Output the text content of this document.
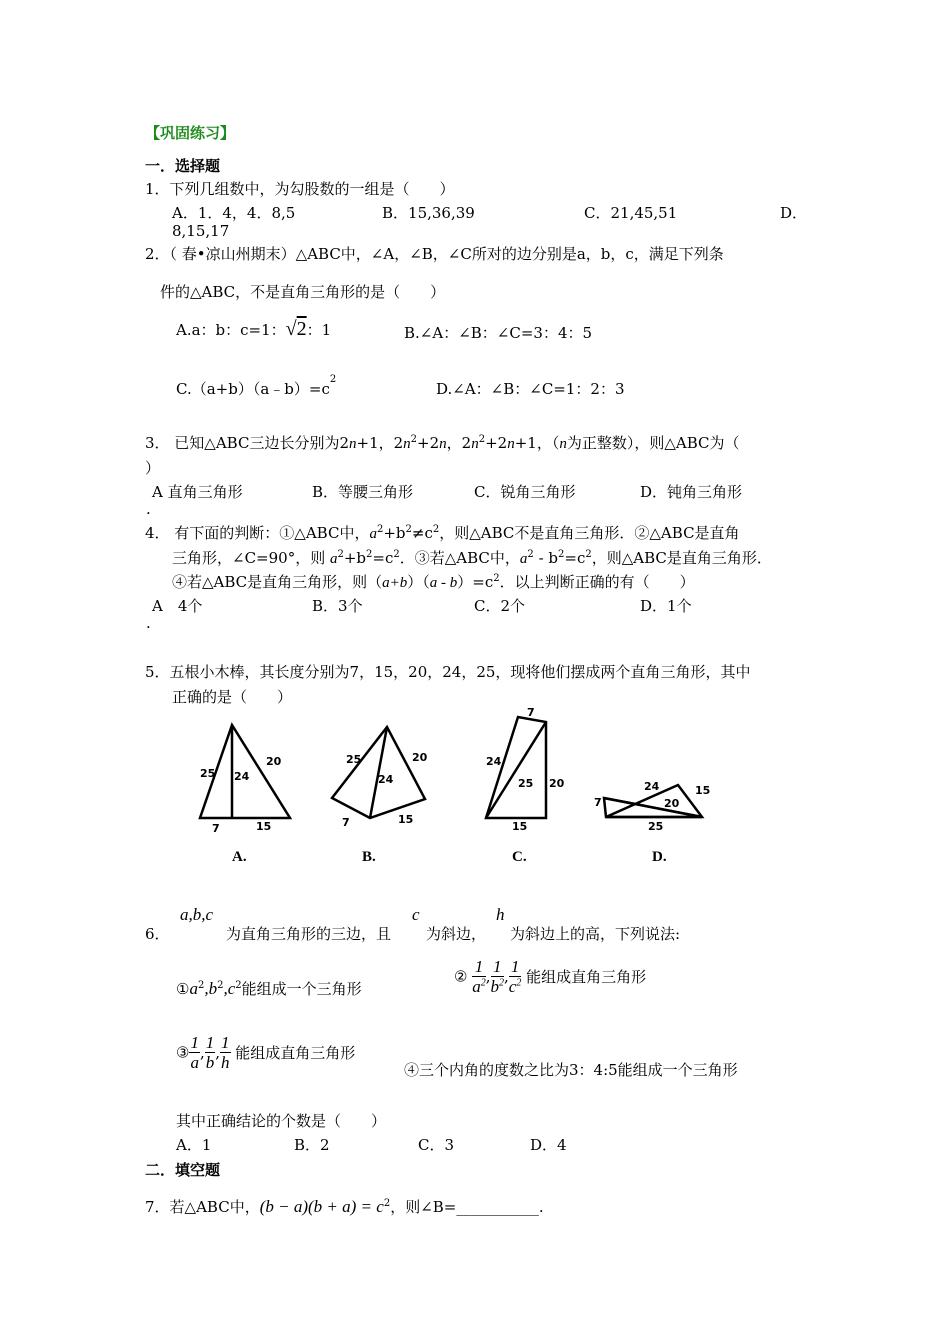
【巩固练习】
一．选择题
1．下列几组数中，为勾股数的一组是（　　）
A．1．4，4．8,5	B．15,36,39	C．21,45,51	D．
8,15,17
2．（ 春•凉山州期末）△ABC中，∠A，∠B，∠C所对的边分别是a，b，c，满足下列条
件的△ABC，不是直角三角形的是（　　）
A.a：b：c=1：√2：1	B.∠A：∠B：∠C=3：4：5
$C.(a+b)(a﹣b)=c^2$
D.∠A：∠B：∠C=1：2：3
3． 已知△ABC三边长分别为2n+1，$2n^2+2n$，$2n^2+2n+1$，（n为正整数），则△ABC为（
）
A 直角三角形	B．等腰三角形	C．锐角三角形	D．钝角三角形
.
4． 有下面的判断：①△ABC中，$a^2+b^2\ne c^2$，则△ABC不是直角三角形．②△ABC是直角
三角形，∠C=90°，则 $a^2+b^2=c^2$．③若△ABC中，$a^2 - b^2=c^2$，则△ABC是直角三角形．
④若△ABC是直角三角形，则$(a+b)(a - b)=c^2$．以上判断正确的有（　　）
A　4个	B．3个	C．2个	D．1个
.
5．五根小木棒，其长度分别为7，15，20，24，25，现将他们摆成两个直角三角形，其中
正确的是（　　）
25 24
20
7	15
A.
25
24
20
7	15
B.
7
24
25 20
15
C.
24	15
7	20
25
D.
6．
a,b,c
为直角三角形的三边，且
c
为斜边，
h
为斜边上的高，下列说法:
$①a^2,b^2,c^2$能组成一个三角形
② $\frac{1}{a^2}$ , $\frac{1}{b^2}$ , $\frac{1}{c^2}$ 能组成直角三角形
③ $\frac{1}{a}$ , $\frac{1}{b}$ , $\frac{1}{h}$ 能组成直角三角形
④三个内角的度数之比为3：4:5能组成一个三角形
其中正确结论的个数是（　　）
A．1	B．2	C．3	D．4
二．填空题
7．若△ABC中，$(b - a)(b + a) = c^2$，则∠B=___________.
